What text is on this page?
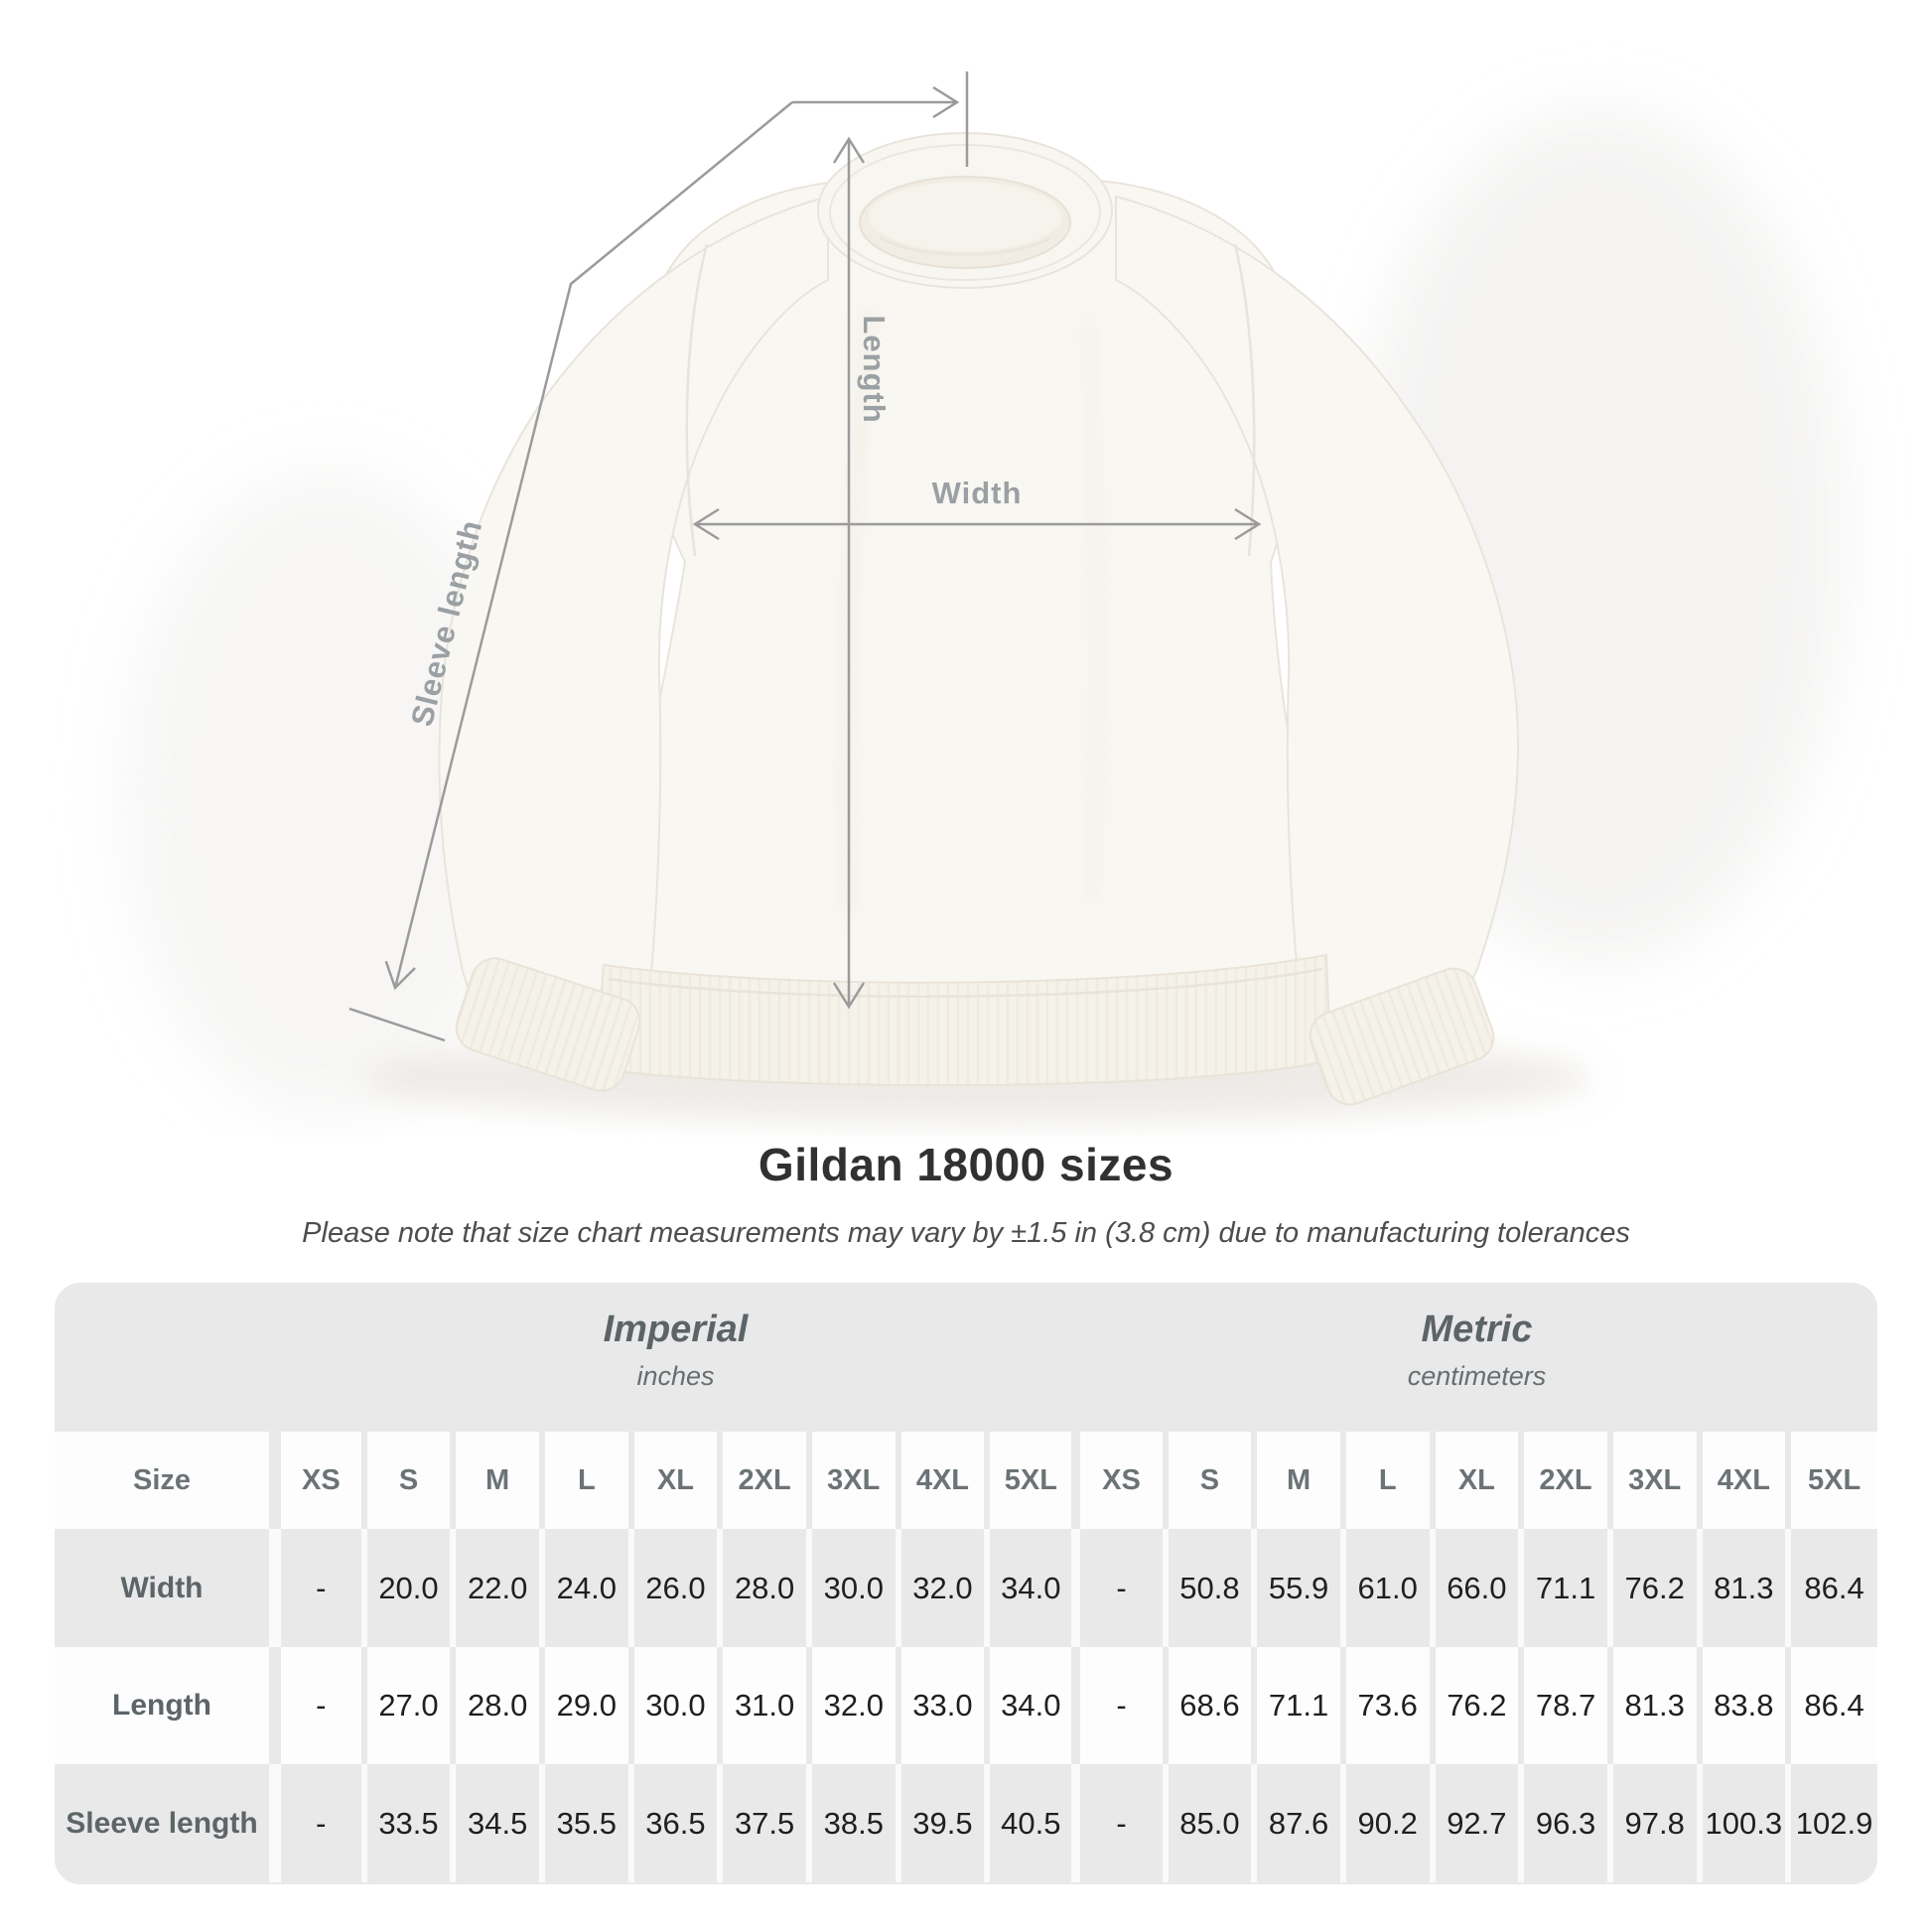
Length
Width
Sleeve length
Gildan 18000 sizes
Please note that size chart measurements may vary by ±1.5 in (3.8 cm) due to manufacturing tolerances
Imperial
inches
Metric
centimeters
Size	XS	S	M	L	XL	2XL	3XL	4XL	5XL	XS	S	M	L	XL	2XL	3XL	4XL	5XL
Width	-	20.0	22.0	24.0	26.0	28.0	30.0	32.0	34.0	-	50.8	55.9	61.0	66.0	71.1	76.2	81.3	86.4
Length	-	27.0	28.0	29.0	30.0	31.0	32.0	33.0	34.0	-	68.6	71.1	73.6	76.2	78.7	81.3	83.8	86.4
Sleeve length	-	33.5	34.5	35.5	36.5	37.5	38.5	39.5	40.5	-	85.0	87.6	90.2	92.7	96.3	97.8	100.3	102.9
